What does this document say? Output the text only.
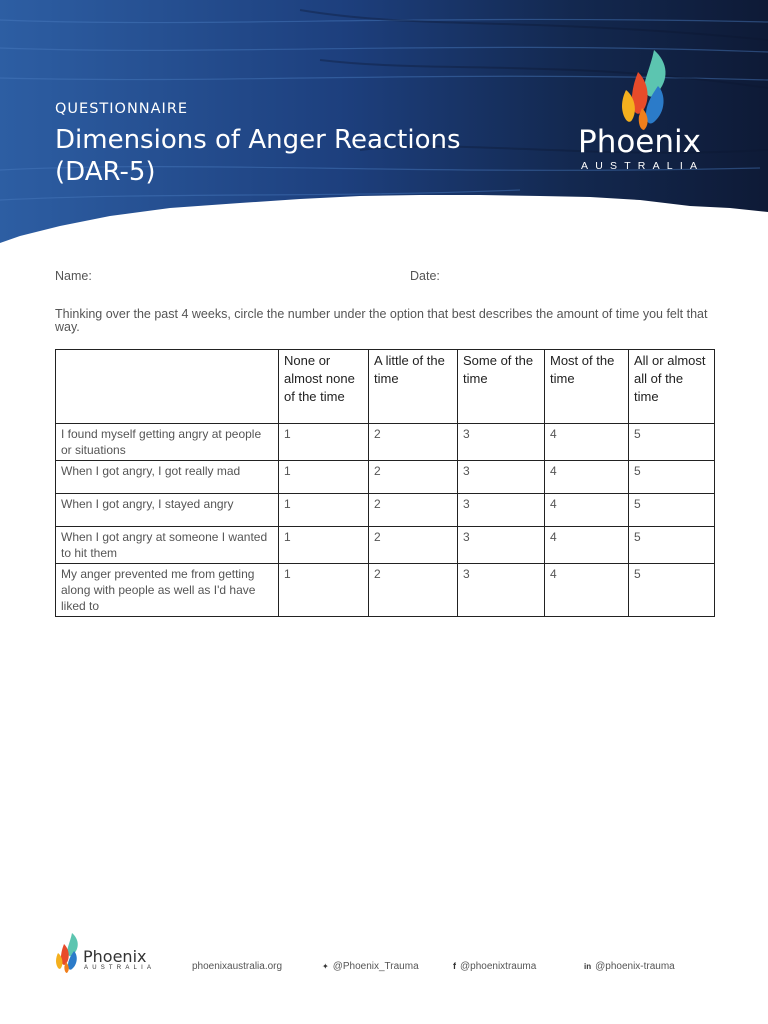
QUESTIONNAIRE
Dimensions of Anger Reactions (DAR-5)
Phoenix
AUSTRALIA
Name:	Date:
Thinking over the past 4 weeks, circle the number under the option that best describes the amount of time you felt that way.
	None or almost none of the time	A little of the time	Some of the time	Most of the time	All or almost all of the time
I found myself getting angry at people or situations	1	2	3	4	5
When I got angry, I got really mad	1	2	3	4	5
When I got angry, I stayed angry	1	2	3	4	5
When I got angry at someone I wanted to hit them	1	2	3	4	5
My anger prevented me from getting along with people as well as I'd have liked to	1	2	3	4	5
Phoenix
AUSTRALIA	phoenixaustralia.org	✦ @Phoenix_Trauma	f @phoenixtrauma	in @phoenix-trauma
